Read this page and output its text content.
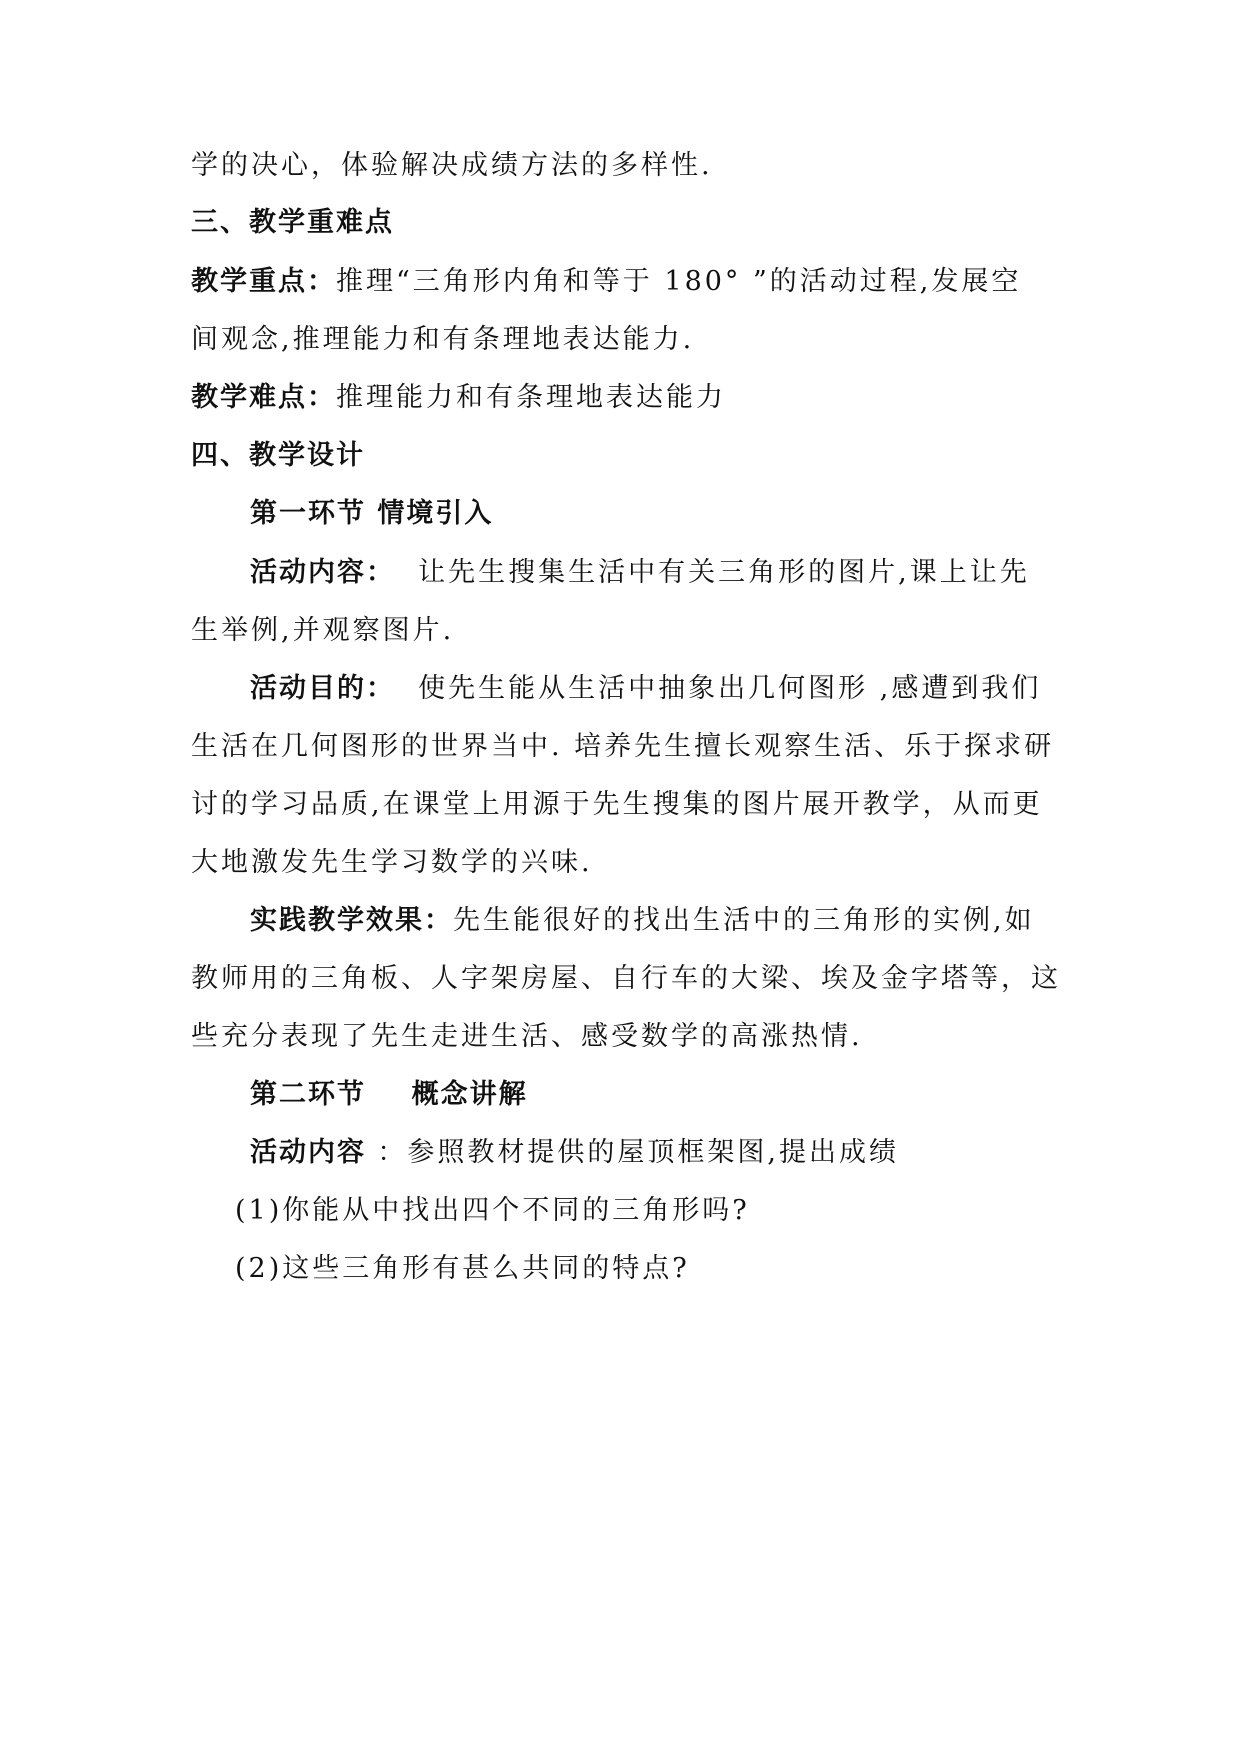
学的决心，体验解决成绩方法的多样性.
三、教学重难点
教学重点：推理“三角形内角和等于 180° ”的活动过程,发展空
间观念,推理能力和有条理地表达能力.
教学难点：推理能力和有条理地表达能力
四、教学设计
第一环节 情境引入
活动内容：  让先生搜集生活中有关三角形的图片,课上让先
生举例,并观察图片.
活动目的：  使先生能从生活中抽象出几何图形 ,感遭到我们
生活在几何图形的世界当中. 培养先生擅长观察生活、乐于探求研
讨的学习品质,在课堂上用源于先生搜集的图片展开教学，从而更
大地激发先生学习数学的兴味.
实践教学效果：先生能很好的找出生活中的三角形的实例,如
教师用的三角板、人字架房屋、自行车的大梁、埃及金字塔等，这
些充分表现了先生走进生活、感受数学的高涨热情.
第二环节    概念讲解
活动内容 ：参照教材提供的屋顶框架图,提出成绩
(1)你能从中找出四个不同的三角形吗?
(2)这些三角形有甚么共同的特点?
